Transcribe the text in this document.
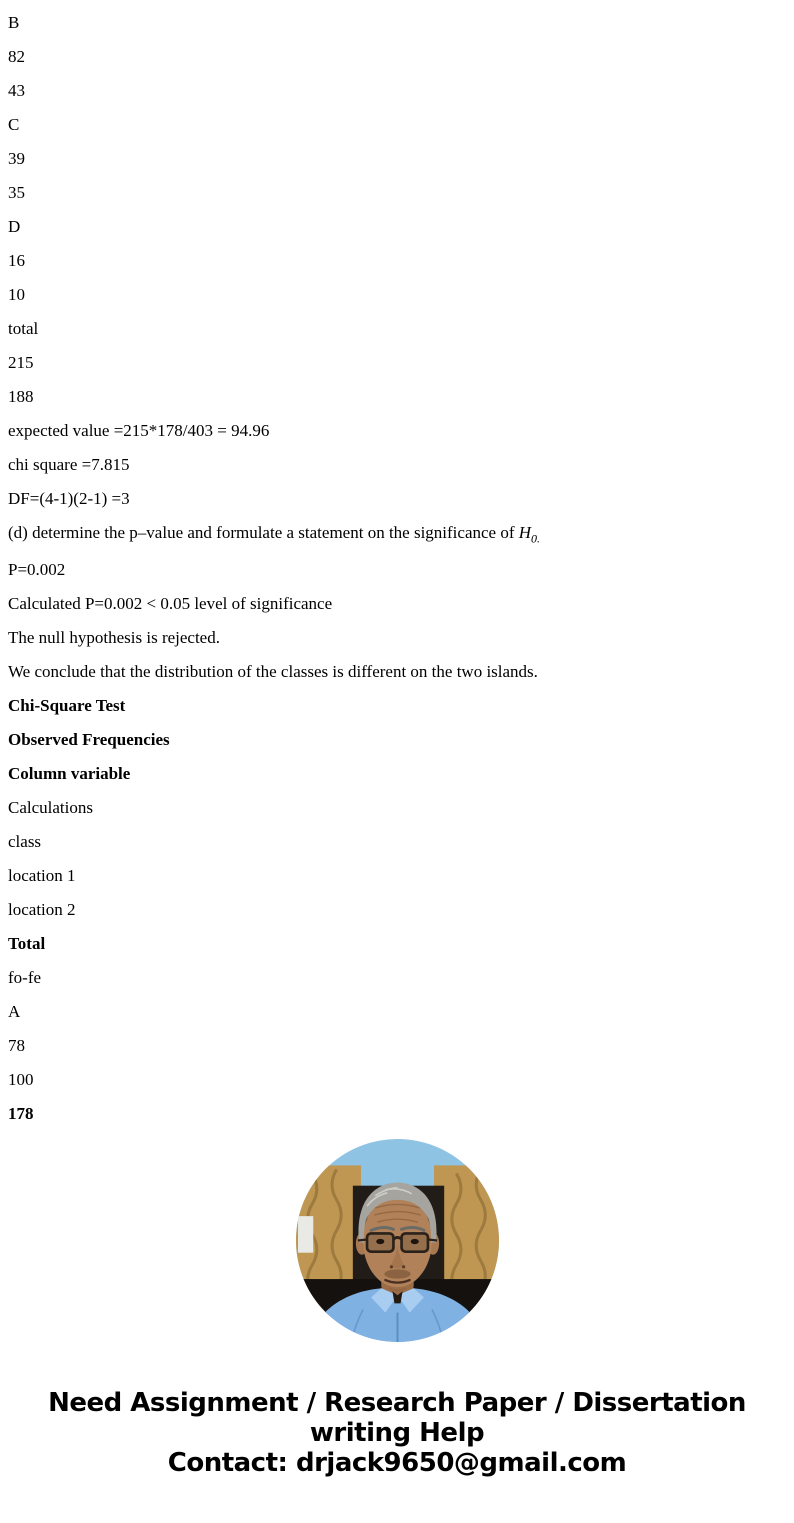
B

82

43

C

39

35

D

16

10

total

215

188

expected value =215*178/403 = 94.96

chi square =7.815

DF=(4-1)(2-1) =3

(d) determine the p–value and formulate a statement on the significance of $H_{0.}$

P=0.002

Calculated P=0.002 < 0.05 level of significance

The null hypothesis is rejected.

We conclude that the distribution of the classes is different on the two islands.

Chi-Square Test

Observed Frequencies

Column variable

Calculations

class

location 1

location 2

Total

fo-fe

A

78

100

178

Need Assignment / Research Paper / Dissertation
writing Help
Contact: drjack9650@gmail.com
